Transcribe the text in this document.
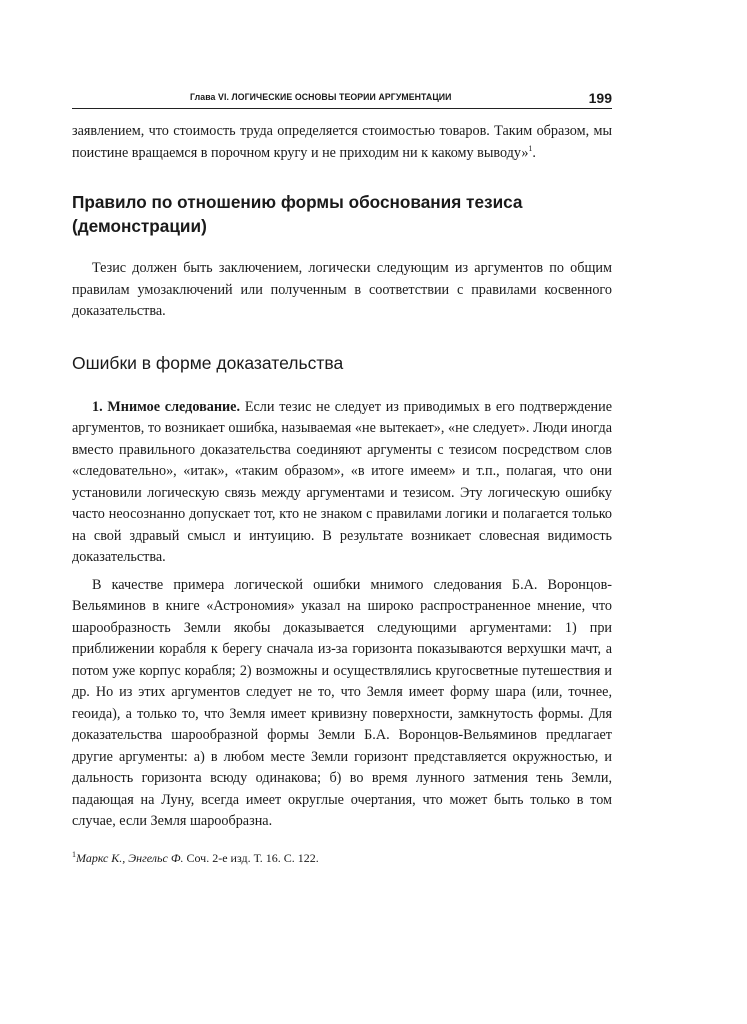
Глава VI. ЛОГИЧЕСКИЕ ОСНОВЫ ТЕОРИИ АРГУМЕНТАЦИИ	199

заявлением, что стоимость труда определяется стоимостью товаров. Таким образом, мы поистине вращаемся в порочном кругу и не приходим ни к какому выводу»$^1$.

Правило по отношению формы обоснования тезиса (демонстрации)

Тезис должен быть заключением, логически следующим из аргументов по общим правилам умозаключений или полученным в соответствии с правилами косвенного доказательства.

Ошибки в форме доказательства

1. Мнимое следование. Если тезис не следует из приводимых в его подтверждение аргументов, то возникает ошибка, называемая «не вытекает», «не следует». Люди иногда вместо правильного доказательства соединяют аргументы с тезисом посредством слов «следовательно», «итак», «таким образом», «в итоге имеем» и т.п., полагая, что они установили логическую связь между аргументами и тезисом. Эту логическую ошибку часто неосознанно допускает тот, кто не знаком с правилами логики и полагается только на свой здравый смысл и интуицию. В результате возникает словесная видимость доказательства.

В качестве примера логической ошибки мнимого следования Б.А. Воронцов-Вельяминов в книге «Астрономия» указал на широко распространенное мнение, что шарообразность Земли якобы доказывается следующими аргументами: 1) при приближении корабля к берегу сначала из-за горизонта показываются верхушки мачт, а потом уже корпус корабля; 2) возможны и осуществлялись кругосветные путешествия и др. Но из этих аргументов следует не то, что Земля имеет форму шара (или, точнее, геоида), а только то, что Земля имеет кривизну поверхности, замкнутость формы. Для доказательства шарообразной формы Земли Б.А. Воронцов-Вельяминов предлагает другие аргументы: а) в любом месте Земли горизонт представляется окружностью, и дальность горизонта всюду одинакова; б) во время лунного затмения тень Земли, падающая на Луну, всегда имеет округлые очертания, что может быть только в том случае, если Земля шарообразна.

$^1$Маркс К., Энгельс Ф. Соч. 2-е изд. Т. 16. С. 122.
